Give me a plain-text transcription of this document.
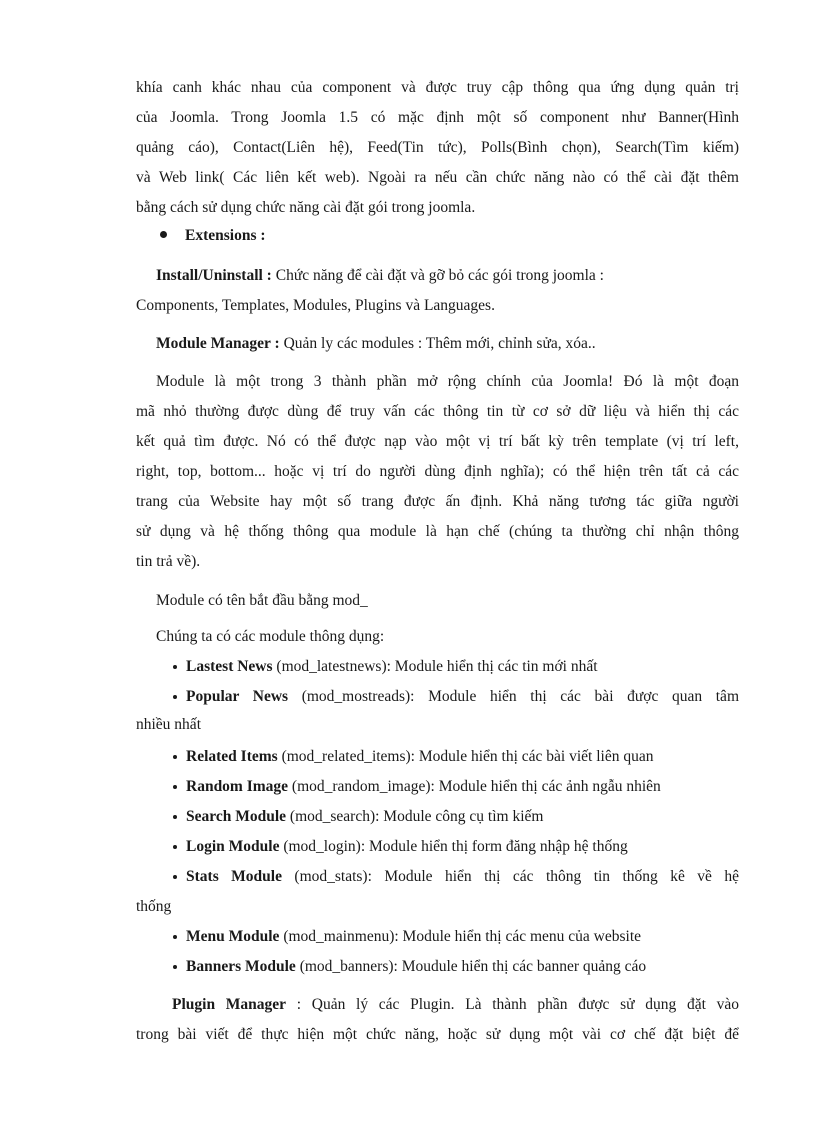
khía canh khác nhau của component và được truy cập thông qua ứng dụng quản trị
của Joomla. Trong Joomla 1.5 có mặc định một số component như Banner(Hình
quảng cáo), Contact(Liên hệ), Feed(Tin tức), Polls(Bình chọn), Search(Tìm kiếm)
và Web link( Các liên kết web). Ngoài ra nếu cần chức năng nào có thể cài đặt thêm
bằng cách sử dụng chức năng cài đặt gói trong joomla.
Extensions :
Install/Uninstall : Chức năng để cài đặt và gỡ bỏ các gói trong joomla :
Components, Templates, Modules, Plugins và Languages.
Module Manager : Quản ly các modules : Thêm mới, chỉnh sửa, xóa..
Module là một trong 3 thành phần mở rộng chính của Joomla! Đó là một đoạn
mã nhỏ thường được dùng để truy vấn các thông tin từ cơ sở dữ liệu và hiển thị các
kết quả tìm được. Nó có thể được nạp vào một vị trí bất kỳ trên template (vị trí left,
right, top, bottom... hoặc vị trí do người dùng định nghĩa); có thể hiện trên tất cả các
trang của Website hay một số trang được ấn định. Khả năng tương tác giữa người
sử dụng và hệ thống thông qua module là hạn chế (chúng ta thường chỉ nhận thông
tin trả về).
Module có tên bắt đầu bằng mod_
Chúng ta có các module thông dụng:
Lastest News (mod_latestnews): Module hiển thị các tin mới nhất
Popular News (mod_mostreads): Module hiển thị các bài được quan tâm
nhiều nhất
Related Items (mod_related_items): Module hiển thị các bài viết liên quan
Random Image (mod_random_image): Module hiển thị các ảnh ngẫu nhiên
Search Module (mod_search): Module công cụ tìm kiếm
Login Module (mod_login): Module hiển thị form đăng nhập hệ thống
Stats Module (mod_stats): Module hiển thị các thông tin thống kê về hệ
thống
Menu Module (mod_mainmenu): Module hiển thị các menu của website
Banners Module (mod_banners): Moudule hiển thị các banner quảng cáo
Plugin Manager : Quản lý các Plugin. Là thành phần được sử dụng đặt vào
trong bài viết để thực hiện một chức năng, hoặc sử dụng một vài cơ chế đặt biệt để
